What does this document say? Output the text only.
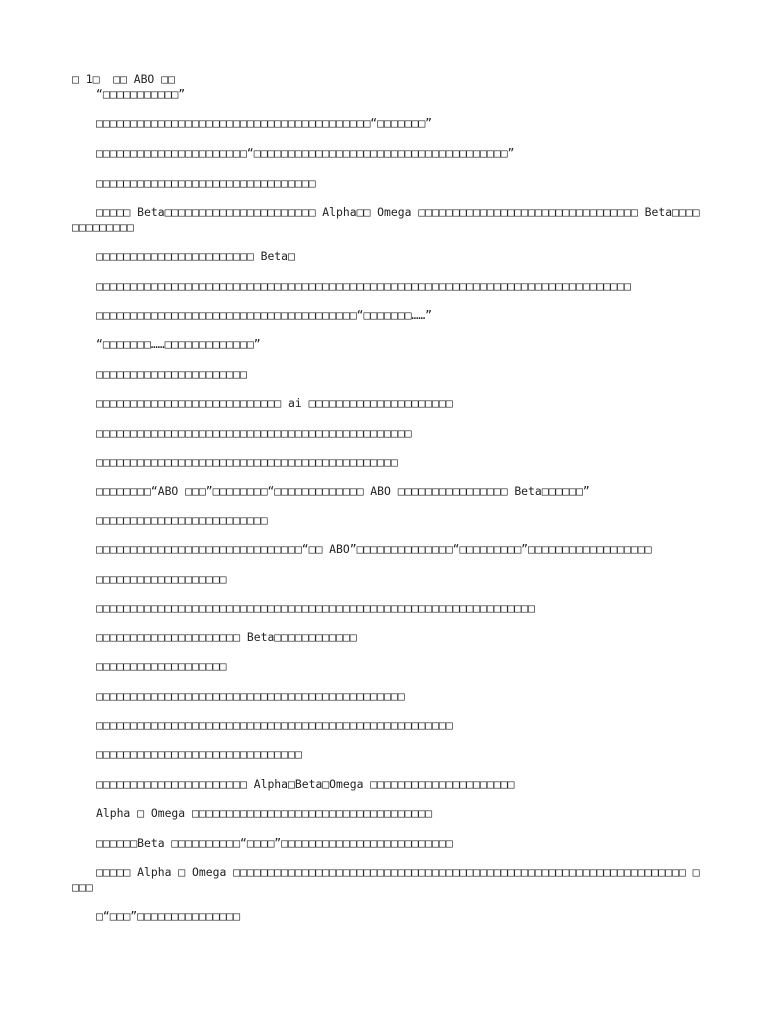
□ 1□  □□ ABO □□
“□□□□□□□□□□□”
□□□□□□□□□□□□□□□□□□□□□□□□□□□□□□□□□□□□□□□□“□□□□□□□”
□□□□□□□□□□□□□□□□□□□□□□“□□□□□□□□□□□□□□□□□□□□□□□□□□□□□□□□□□□□□”
□□□□□□□□□□□□□□□□□□□□□□□□□□□□□□□□
□□□□□ Beta□□□□□□□□□□□□□□□□□□□□□□ Alpha□□ Omega □□□□□□□□□□□□□□□□□□□□□□□□□□□□□□□□ Beta□□□□ □□□□□□□□□
□□□□□□□□□□□□□□□□□□□□□□□ Beta□
□□□□□□□□□□□□□□□□□□□□□□□□□□□□□□□□□□□□□□□□□□□□□□□□□□□□□□□□□□□□□□□□□□□□□□□□□□□□□□
□□□□□□□□□□□□□□□□□□□□□□□□□□□□□□□□□□□□□□“□□□□□□□……”
“□□□□□□□……□□□□□□□□□□□□□”
□□□□□□□□□□□□□□□□□□□□□□
□□□□□□□□□□□□□□□□□□□□□□□□□□□ ai □□□□□□□□□□□□□□□□□□□□□
□□□□□□□□□□□□□□□□□□□□□□□□□□□□□□□□□□□□□□□□□□□□□□
□□□□□□□□□□□□□□□□□□□□□□□□□□□□□□□□□□□□□□□□□□□□
□□□□□□□□“ABO □□□”□□□□□□□□“□□□□□□□□□□□□□ ABO □□□□□□□□□□□□□□□□ Beta□□□□□□”
□□□□□□□□□□□□□□□□□□□□□□□□□
□□□□□□□□□□□□□□□□□□□□□□□□□□□□□□“□□ ABO”□□□□□□□□□□□□□□“□□□□□□□□□”□□□□□□□□□□□□□□□□□□
□□□□□□□□□□□□□□□□□□□
□□□□□□□□□□□□□□□□□□□□□□□□□□□□□□□□□□□□□□□□□□□□□□□□□□□□□□□□□□□□□□□□
□□□□□□□□□□□□□□□□□□□□□ Beta□□□□□□□□□□□□
□□□□□□□□□□□□□□□□□□□
□□□□□□□□□□□□□□□□□□□□□□□□□□□□□□□□□□□□□□□□□□□□□
□□□□□□□□□□□□□□□□□□□□□□□□□□□□□□□□□□□□□□□□□□□□□□□□□□□□
□□□□□□□□□□□□□□□□□□□□□□□□□□□□□□
□□□□□□□□□□□□□□□□□□□□□□ Alpha□Beta□Omega □□□□□□□□□□□□□□□□□□□□□
Alpha □ Omega □□□□□□□□□□□□□□□□□□□□□□□□□□□□□□□□□□□
□□□□□□Beta □□□□□□□□□□“□□□□”□□□□□□□□□□□□□□□□□□□□□□□□□
□□□□□ Alpha □ Omega □□□□□□□□□□□□□□□□□□□□□□□□□□□□□□□□□□□□□□□□□□□□□□□□□□□□□□□□□□□□□□□□□□ □□□□
□“□□□”□□□□□□□□□□□□□□□
